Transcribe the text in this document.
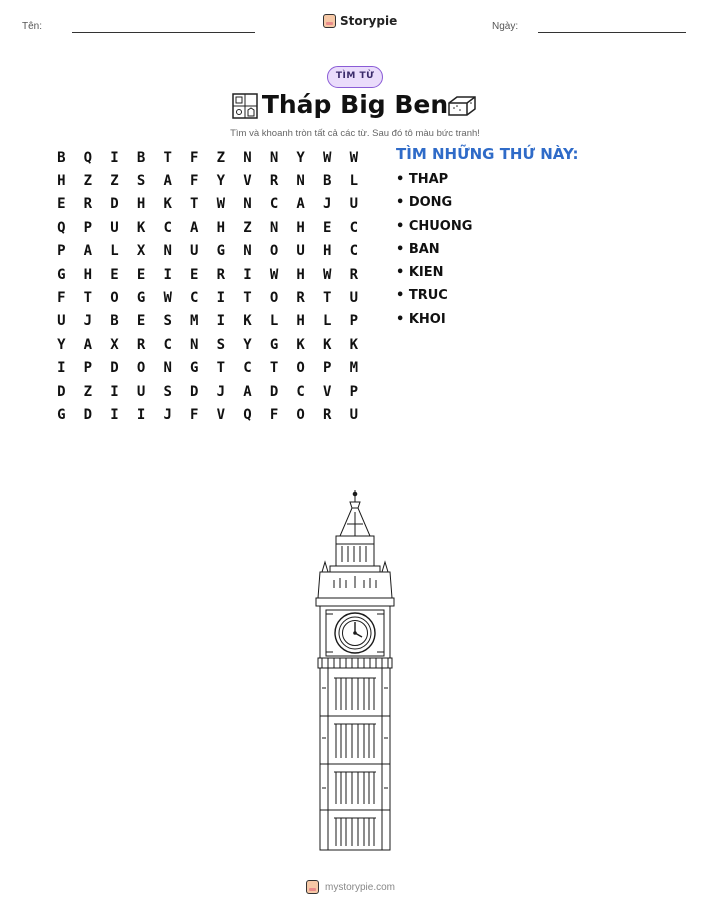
Tên:	Storypie	Ngày:
TÌM TỪ
Tháp Big Ben
Tìm và khoanh tròn tất cả các từ. Sau đó tô màu bức tranh!
B	Q	I	B	T	F	Z	N	N	Y	W	W
H	Z	Z	S	A	F	Y	V	R	N	B	L
E	R	D	H	K	T	W	N	C	A	J	U
Q	P	U	K	C	A	H	Z	N	H	E	C
P	A	L	X	N	U	G	N	O	U	H	C
G	H	E	E	I	E	R	I	W	H	W	R
F	T	O	G	W	C	I	T	O	R	T	U
U	J	B	E	S	M	I	K	L	H	L	P
Y	A	X	R	C	N	S	Y	G	K	K	K
I	P	D	O	N	G	T	C	T	O	P	M
D	Z	I	U	S	D	J	A	D	C	V	P
G	D	I	I	J	F	V	Q	F	O	R	U
TÌM NHỮNG THỨ NÀY:
• THAP
• DONG
• CHUONG
• BAN
• KIEN
• TRUC
• KHOI
mystorypie.com
